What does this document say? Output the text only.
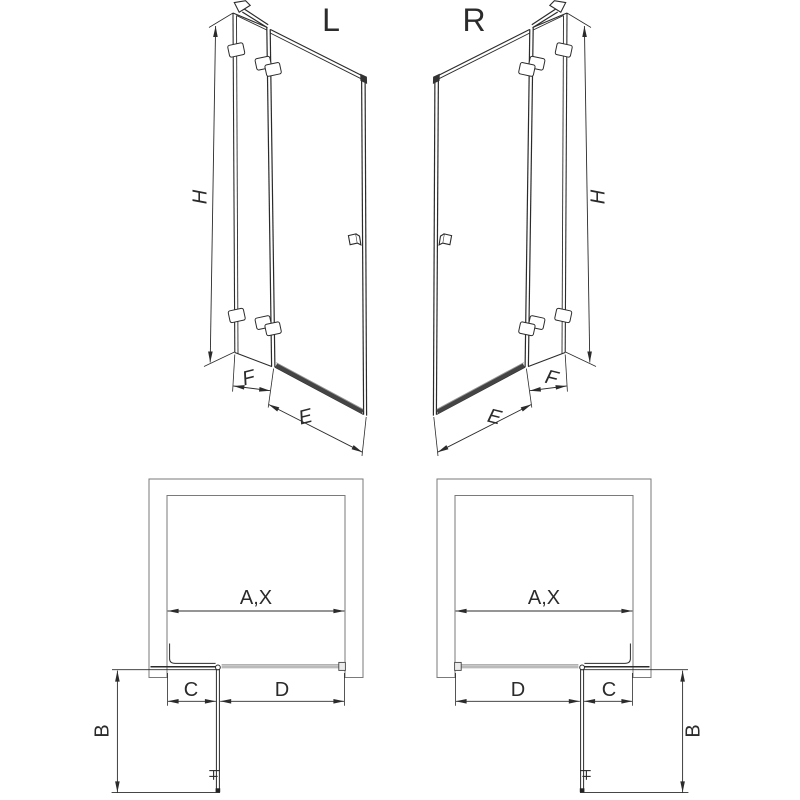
L	R
H	H
F	F
E	E
A,X	A,X
C	C
D	D
B	B
